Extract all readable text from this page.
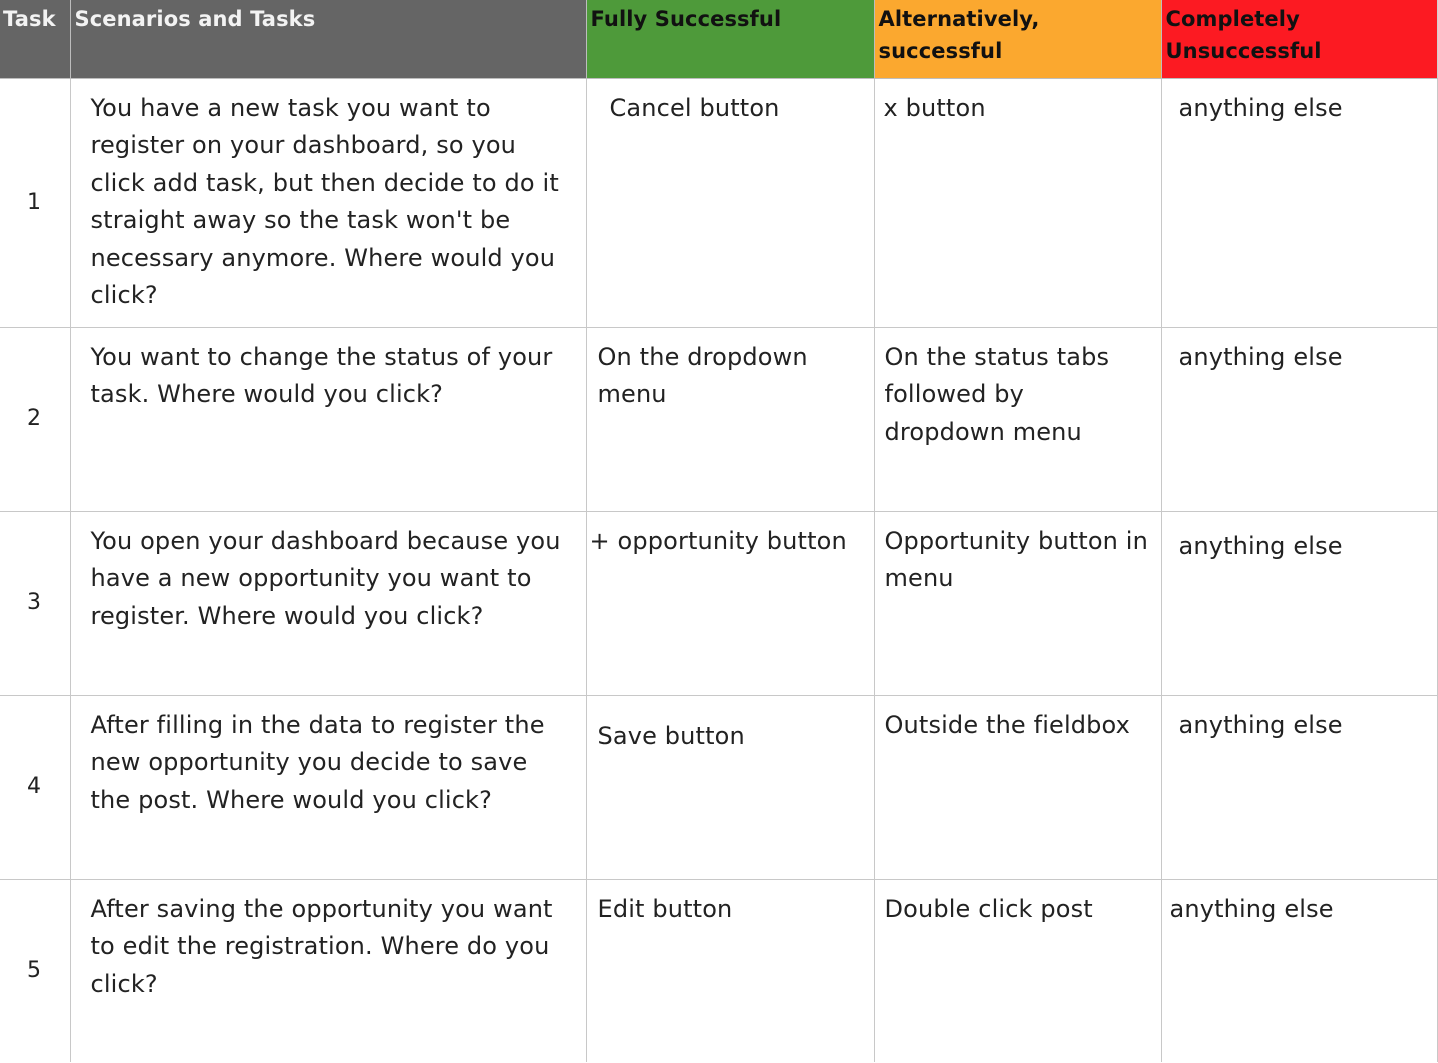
Task	Scenarios and Tasks	Fully Successful	Alternatively, successful	Completely Unsuccessful
1	You have a new task you want to register on your dashboard, so you click add task, but then decide to do it straight away so the task won't be necessary anymore. Where would you click?	Cancel button	x button	anything else
2	You want to change the status of your task. Where would you click?	On the dropdown menu	On the status tabs followed by dropdown menu	anything else
3	You open your dashboard because you have a new opportunity you want to register. Where would you click?	+ opportunity button	Opportunity button in menu	anything else
4	After filling in the data to register the new opportunity you decide to save the post. Where would you click?	Save button	Outside the fieldbox	anything else
5	After saving the opportunity you want to edit the registration. Where do you click?	Edit button	Double click post	anything else
